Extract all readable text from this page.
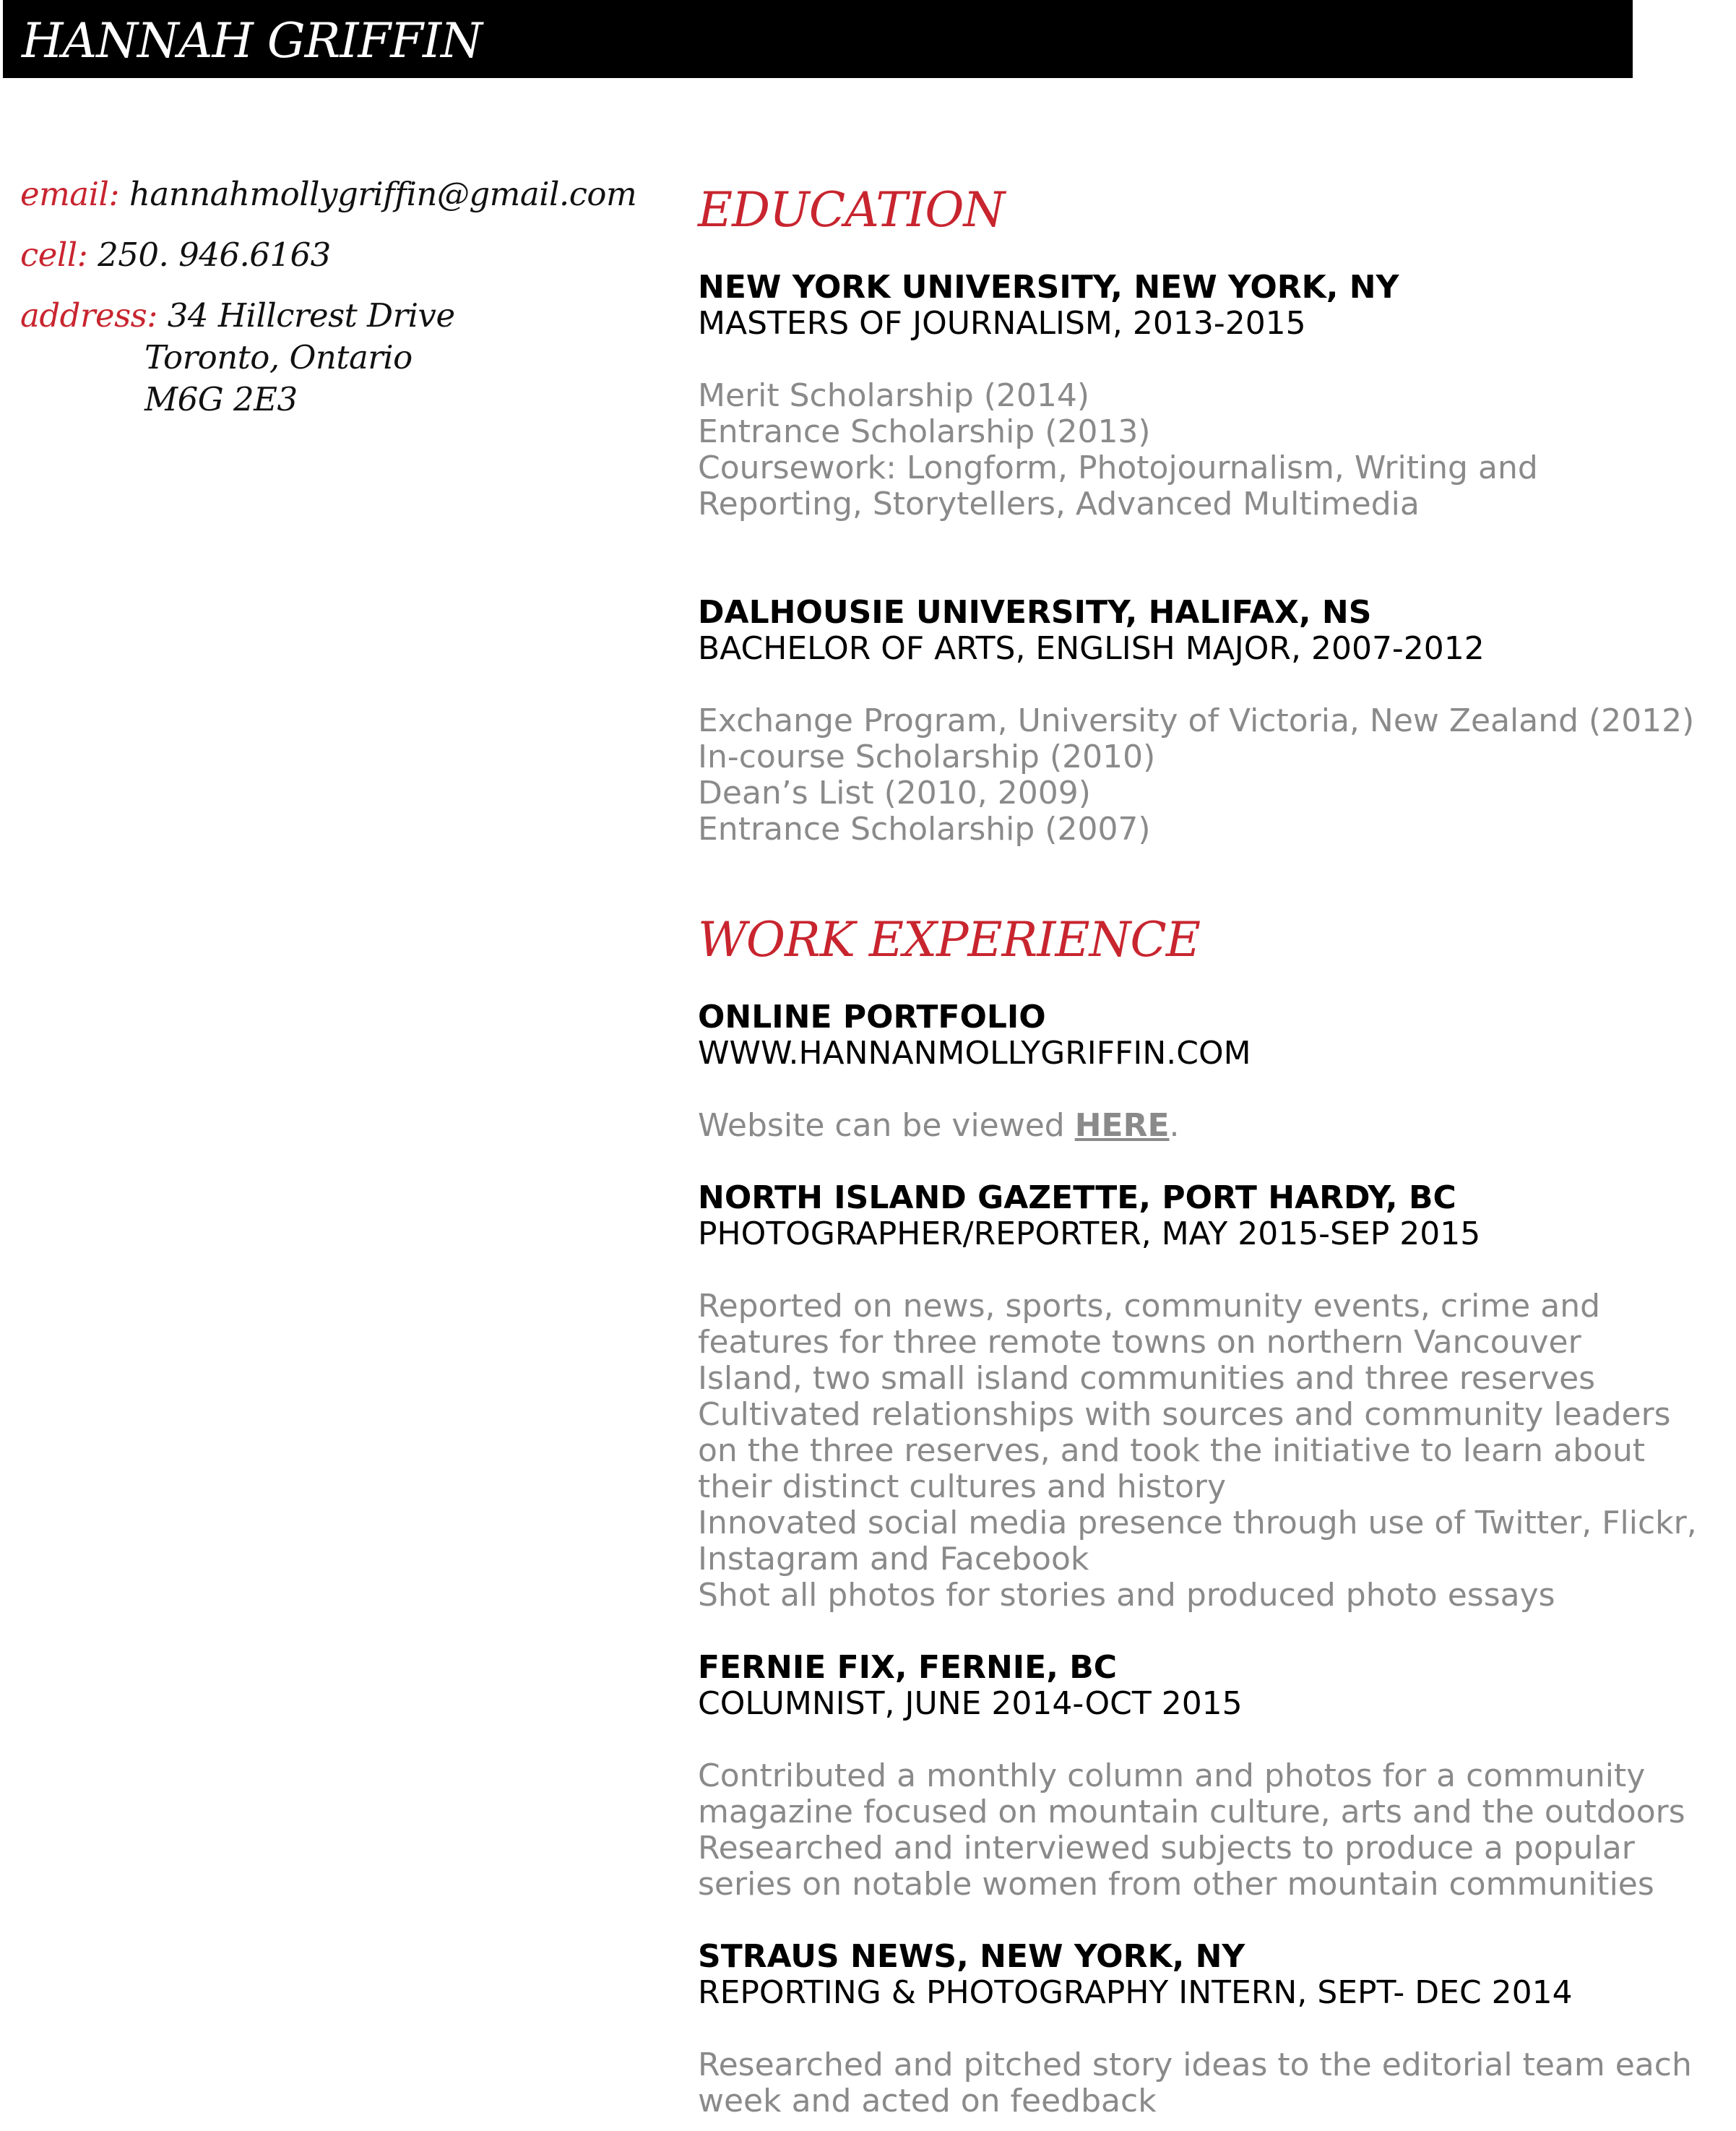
HANNAH GRIFFIN
email: hannahmollygriffin@gmail.com
cell: 250. 946.6163
address: 34 Hillcrest Drive
Toronto, Ontario
M6G 2E3
EDUCATION
NEW YORK UNIVERSITY, NEW YORK, NY
MASTERS OF JOURNALISM, 2013-2015
Merit Scholarship (2014)
Entrance Scholarship (2013)
Coursework: Longform, Photojournalism, Writing and
Reporting, Storytellers, Advanced Multimedia
DALHOUSIE UNIVERSITY, HALIFAX, NS
BACHELOR OF ARTS, ENGLISH MAJOR, 2007-2012
Exchange Program, University of Victoria, New Zealand (2012)
In-course Scholarship (2010)
Dean’s List (2010, 2009)
Entrance Scholarship (2007)
WORK EXPERIENCE
ONLINE PORTFOLIO
WWW.HANNANMOLLYGRIFFIN.COM
Website can be viewed HERE.
NORTH ISLAND GAZETTE, PORT HARDY, BC
PHOTOGRAPHER/REPORTER, MAY 2015-SEP 2015
Reported on news, sports, community events, crime and
features for three remote towns on northern Vancouver
Island, two small island communities and three reserves
Cultivated relationships with sources and community leaders
on the three reserves, and took the initiative to learn about
their distinct cultures and history
Innovated social media presence through use of Twitter, Flickr,
Instagram and Facebook
Shot all photos for stories and produced photo essays
FERNIE FIX, FERNIE, BC
COLUMNIST, JUNE 2014-OCT 2015
Contributed a monthly column and photos for a community
magazine focused on mountain culture, arts and the outdoors
Researched and interviewed subjects to produce a popular
series on notable women from other mountain communities
STRAUS NEWS, NEW YORK, NY
REPORTING & PHOTOGRAPHY INTERN, SEPT- DEC 2014
Researched and pitched story ideas to the editorial team each
week and acted on feedback
